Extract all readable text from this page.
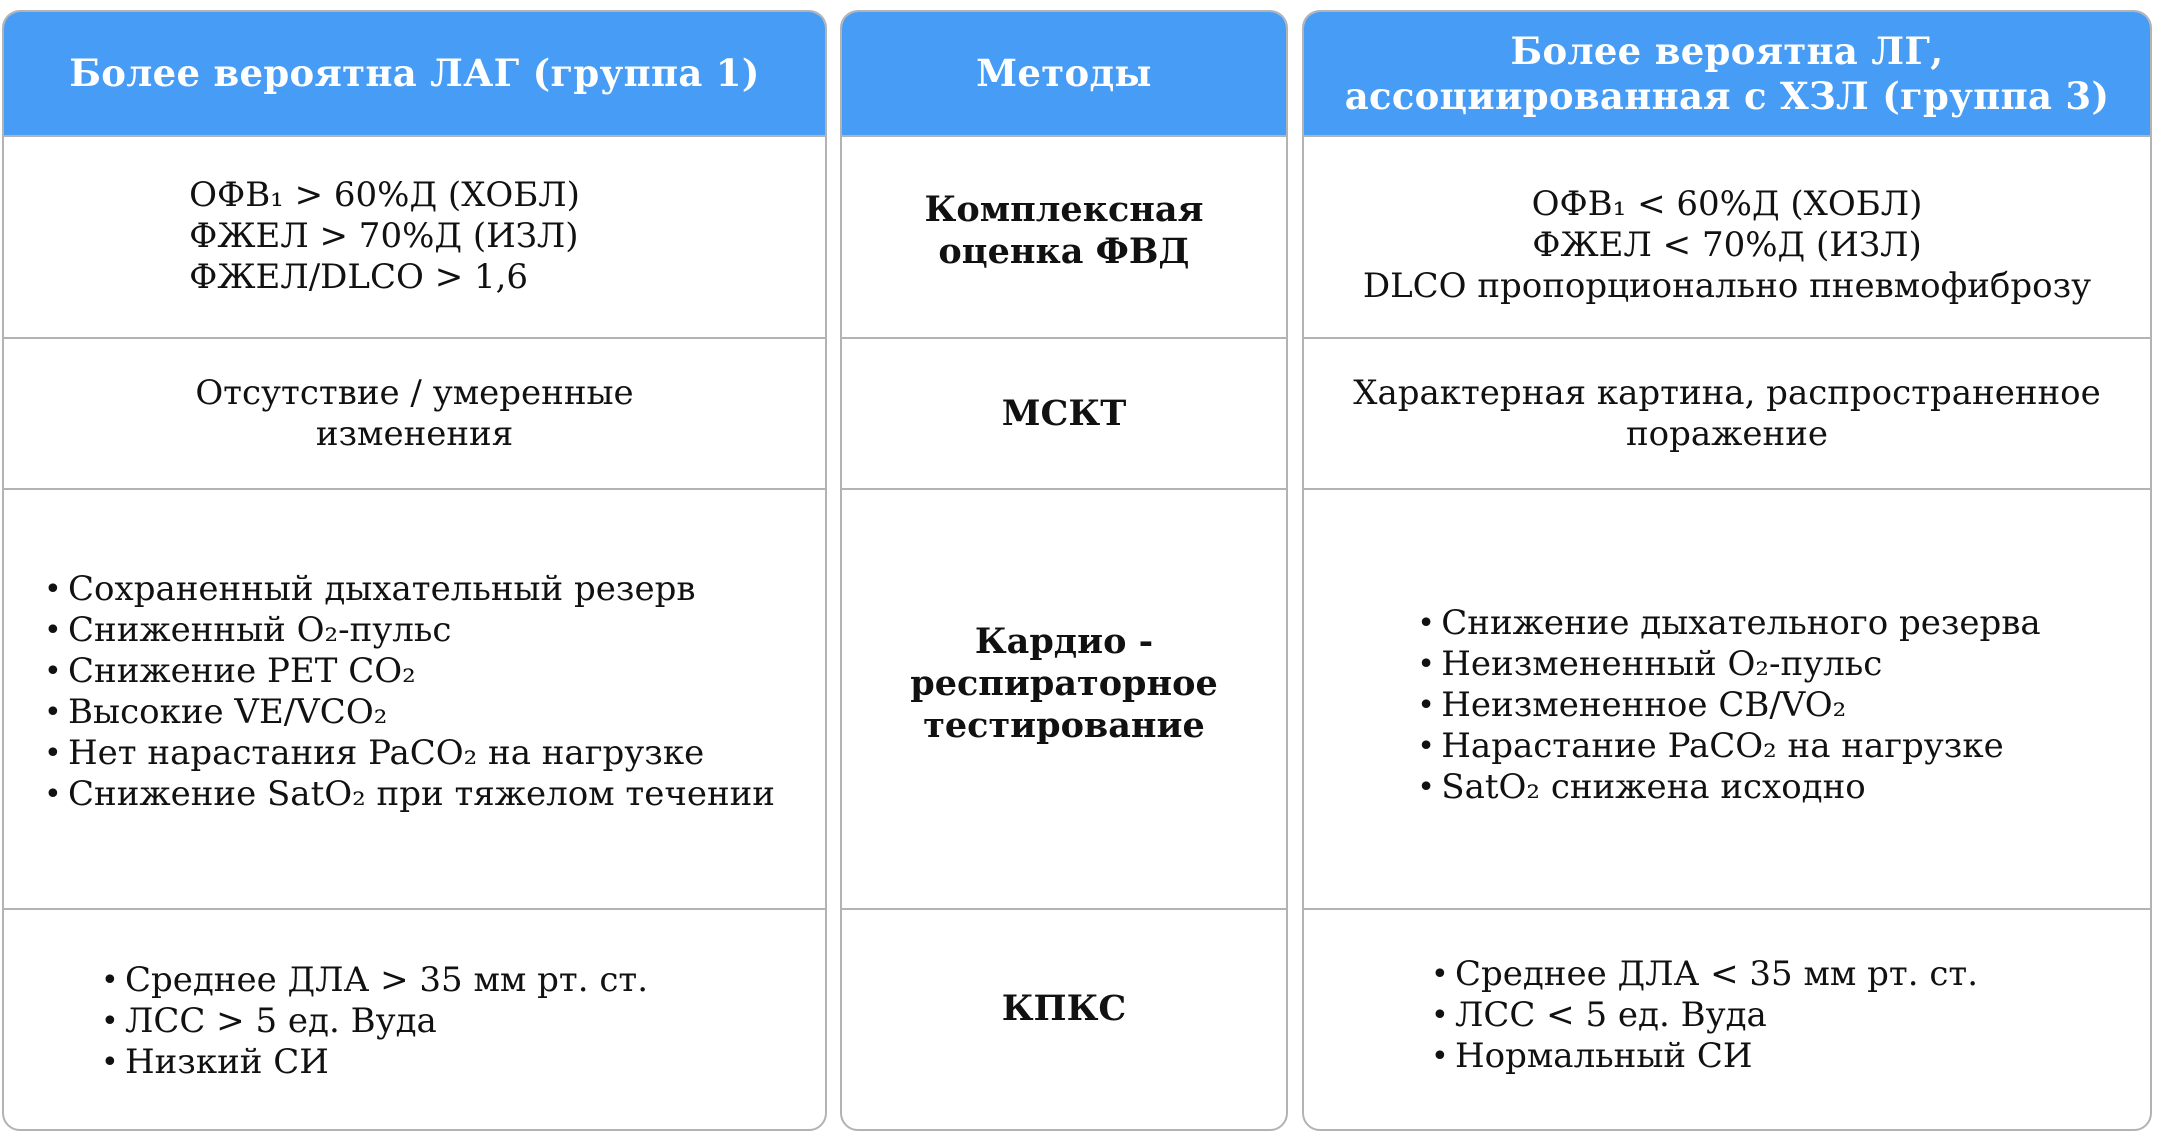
Более вероятна ЛАГ (группа 1)
ОФВ₁ > 60%Д (ХОБЛ)
ФЖЕЛ > 70%Д (ИЗЛ)
ФЖЕЛ/DLCO > 1,6
Отсутствие / умеренные
изменения
• Сохраненный дыхательный резерв
• Сниженный O₂-пульс
• Снижение PET CO₂
• Высокие VE/VCO₂
• Нет нарастания PaCO₂ на нагрузке
• Снижение SatO₂ при тяжелом течении
• Среднее ДЛА > 35 мм рт. ст.
• ЛСС > 5 ед. Вуда
• Низкий СИ
Методы
Комплексная
оценка ФВД
МСКТ
Кардио -
респираторное
тестирование
КПКС
Более вероятна ЛГ,
ассоциированная с ХЗЛ (группа 3)
ОФВ₁ < 60%Д (ХОБЛ)
ФЖЕЛ < 70%Д (ИЗЛ)
DLCO пропорционально пневмофиброзу
Характерная картина, распространенное
поражение
• Снижение дыхательного резерва
• Неизмененный O₂-пульс
• Неизмененное CB/VO₂
• Нарастание PaCO₂ на нагрузке
• SatO₂ снижена исходно
• Среднее ДЛА < 35 мм рт. ст.
• ЛСС < 5 ед. Вуда
• Нормальный СИ
